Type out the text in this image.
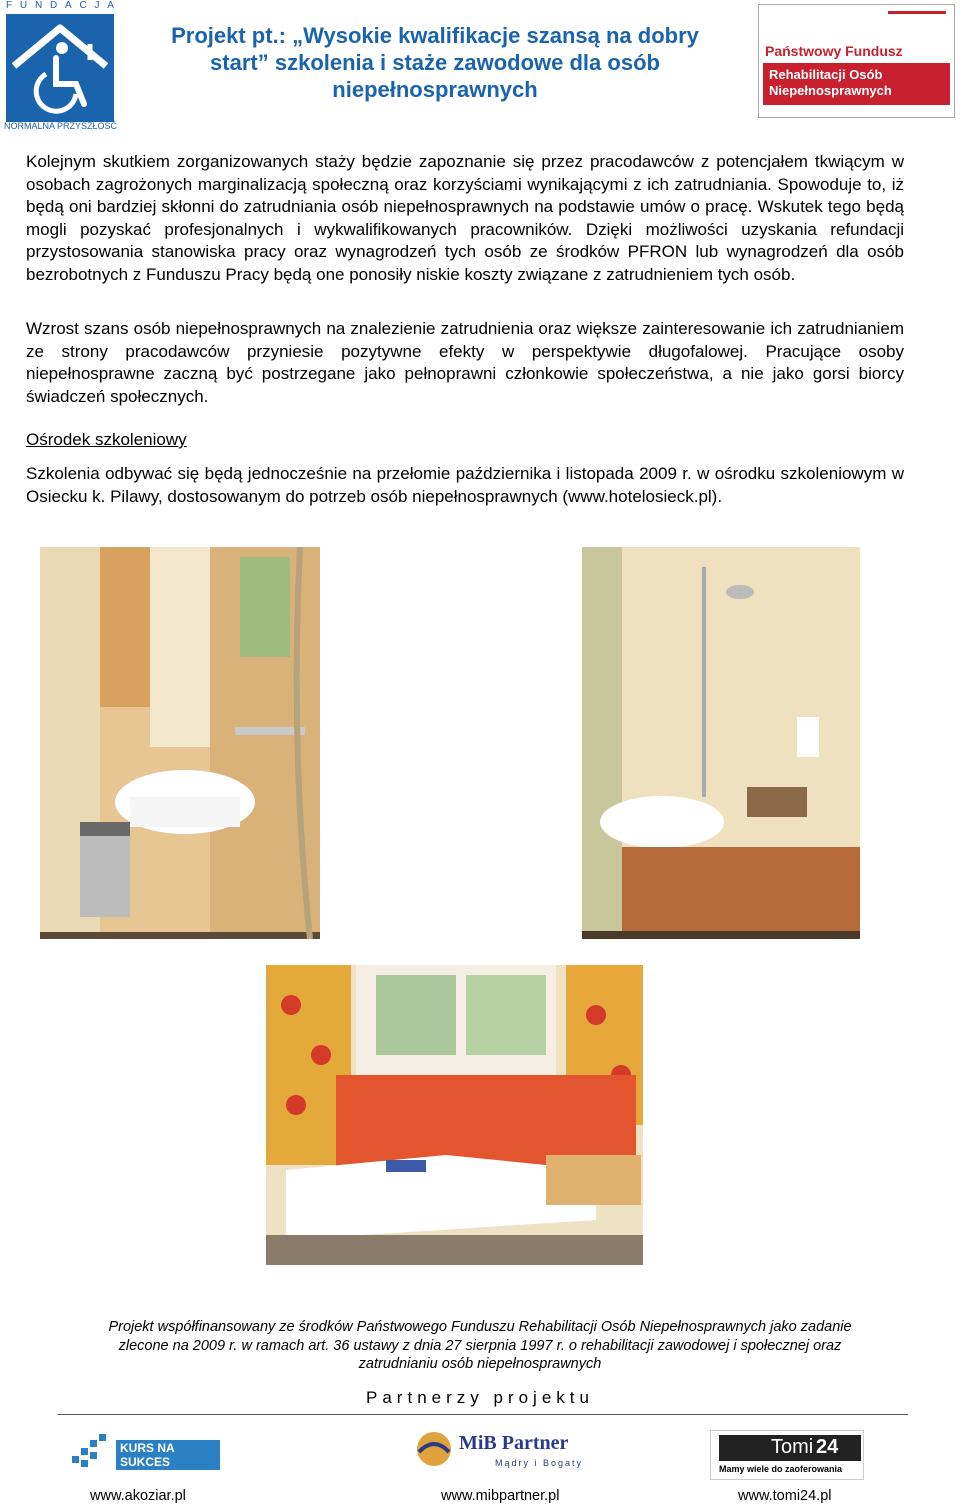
F U N D A C J A
NORMALNA PRZYSZŁOŚĆ
Projekt pt.: „Wysokie kwalifikacje szansą na dobry
start” szkolenia i staże zawodowe dla osób
niepełnosprawnych
Państwowy Fundusz
Rehabilitacji Osób
Niepełnosprawnych
Kolejnym skutkiem zorganizowanych staży będzie zapoznanie się przez pracodawców z potencjałem tkwiącym w osobach zagrożonych marginalizacją społeczną oraz korzyściami wynikającymi z ich zatrudniania. Spowoduje to, iż będą oni bardziej skłonni do zatrudniania osób niepełnosprawnych na podstawie umów o pracę. Wskutek tego będą mogli pozyskać profesjonalnych i wykwalifikowanych pracowników. Dzięki możliwości uzyskania refundacji przystosowania stanowiska pracy oraz wynagrodzeń tych osób ze środków PFRON lub wynagrodzeń dla osób bezrobotnych z Funduszu Pracy będą one ponosiły niskie koszty związane z zatrudnieniem tych osób.
Wzrost szans osób niepełnosprawnych na znalezienie zatrudnienia oraz większe zainteresowanie ich zatrudnianiem ze strony pracodawców przyniesie pozytywne efekty w perspektywie długofalowej. Pracujące osoby niepełnosprawne zaczną być postrzegane jako pełnoprawni członkowie społeczeństwa, a nie jako gorsi biorcy świadczeń społecznych.
Ośrodek szkoleniowy
Szkolenia odbywać się będą jednocześnie na przełomie października i listopada 2009 r. w ośrodku szkoleniowym w Osiecku k. Pilawy, dostosowanym do potrzeb osób niepełnosprawnych (www.hotelosieck.pl).
Projekt współfinansowany ze środków Państwowego Funduszu Rehabilitacji Osób Niepełnosprawnych jako zadanie
zlecone na 2009 r. w ramach art. 36 ustawy z dnia 27 sierpnia 1997 r. o rehabilitacji zawodowej i społecznej oraz
zatrudnianiu osób niepełnosprawnych
Partnerzy projektu
KURS NA SUKCES
MiB Partner
Mądry i Bogaty
Tomi 24
Mamy wiele do zaoferowania
www.akoziar.pl	www.mibpartner.pl	www.tomi24.pl
